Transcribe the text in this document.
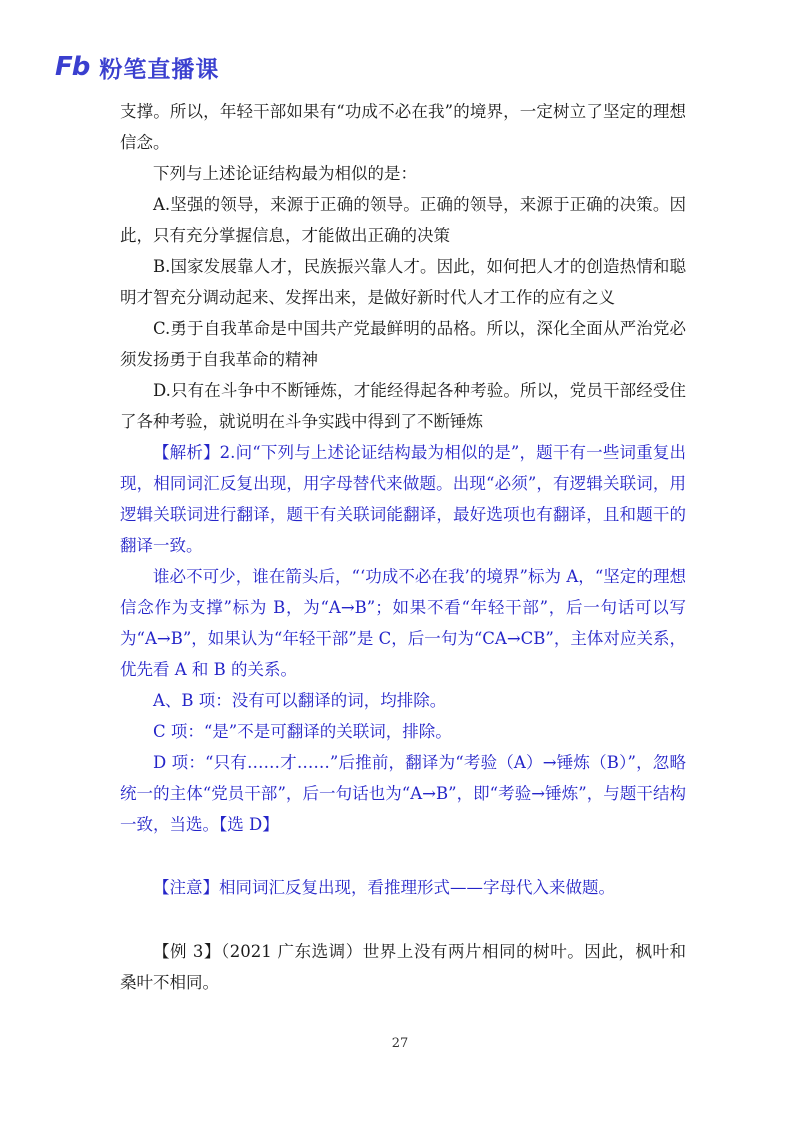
Fb 粉笔直播课

支撑。所以，年轻干部如果有“功成不必在我”的境界，一定树立了坚定的理想信念。

下列与上述论证结构最为相似的是：

A.坚强的领导，来源于正确的领导。正确的领导，来源于正确的决策。因此，只有充分掌握信息，才能做出正确的决策

B.国家发展靠人才，民族振兴靠人才。因此，如何把人才的创造热情和聪明才智充分调动起来、发挥出来，是做好新时代人才工作的应有之义

C.勇于自我革命是中国共产党最鲜明的品格。所以，深化全面从严治党必须发扬勇于自我革命的精神

D.只有在斗争中不断锤炼，才能经得起各种考验。所以，党员干部经受住了各种考验，就说明在斗争实践中得到了不断锤炼

【解析】2.问“下列与上述论证结构最为相似的是”，题干有一些词重复出现，相同词汇反复出现，用字母替代来做题。出现“必须”，有逻辑关联词，用逻辑关联词进行翻译，题干有关联词能翻译，最好选项也有翻译，且和题干的翻译一致。

谁必不可少，谁在箭头后，“‘功成不必在我’的境界”标为 A，“坚定的理想信念作为支撑”标为 B，为“A→B”；如果不看“年轻干部”，后一句话可以写为“A→B”，如果认为“年轻干部”是 C，后一句为“CA→CB”，主体对应关系，优先看 A 和 B 的关系。

A、B 项：没有可以翻译的词，均排除。

C 项：“是”不是可翻译的关联词，排除。

D 项：“只有……才……”后推前，翻译为“考验（A）→锤炼（B）”，忽略统一的主体“党员干部”，后一句话也为“A→B”，即“考验→锤炼”，与题干结构一致，当选。【选 D】

【注意】相同词汇反复出现，看推理形式——字母代入来做题。

【例 3】（2021 广东选调）世界上没有两片相同的树叶。因此，枫叶和桑叶不相同。

27
